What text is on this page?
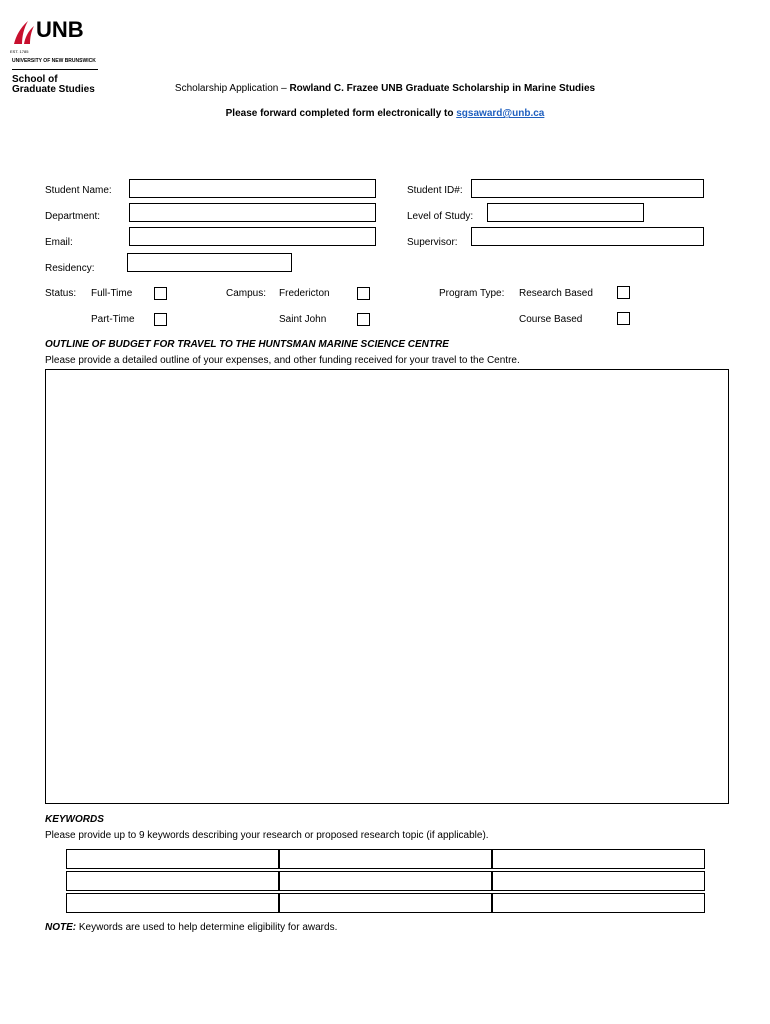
UNB
EST. 1785
UNIVERSITY OF NEW BRUNSWICK
School of
Graduate Studies	Scholarship Application – Rowland C. Frazee UNB Graduate Scholarship in Marine Studies
Please forward completed form electronically to sgsaward@unb.ca
Student Name:
Department:
Email:
Residency:
Student ID#:
Level of Study:
Supervisor:
Status: Full-Time
Part-Time
Campus: Fredericton
Saint John
Program Type: Research Based
Course Based
OUTLINE OF BUDGET FOR TRAVEL TO THE HUNTSMAN MARINE SCIENCE CENTRE
Please provide a detailed outline of your expenses, and other funding received for your travel to the Centre.
KEYWORDS
Please provide up to 9 keywords describing your research or proposed research topic (if applicable).
NOTE: Keywords are used to help determine eligibility for awards.
